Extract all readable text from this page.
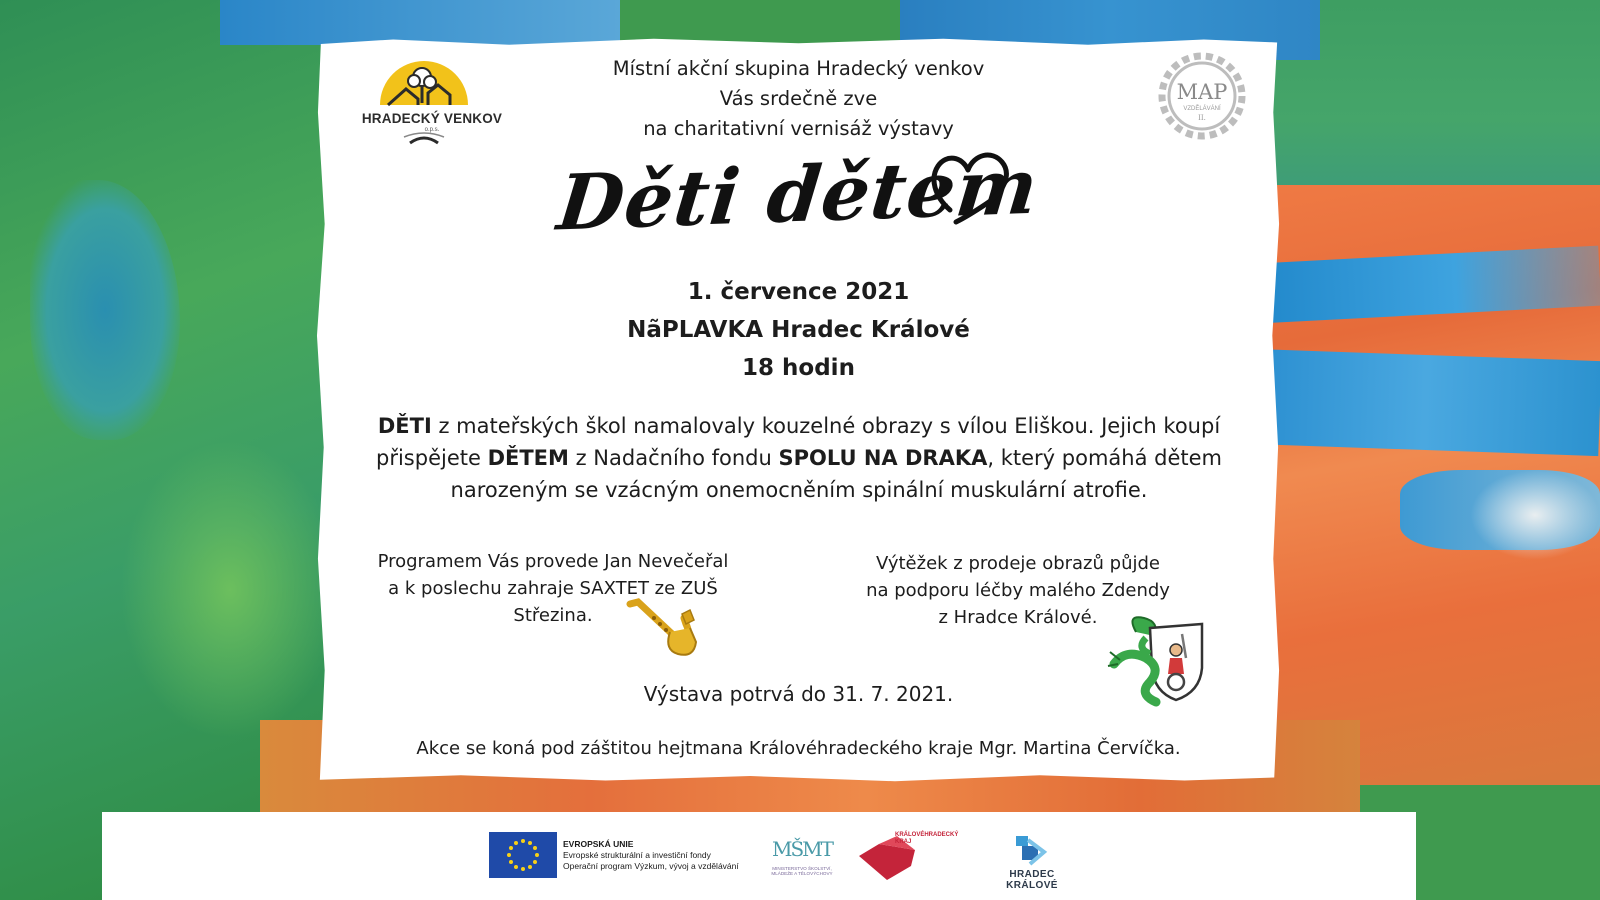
HRADECKÝ VENKOV
o.p.s.
MAP
VZDĚLÁVÁNÍ
II.
Místní akční skupina Hradecký venkov
Vás srdečně zve
na charitativní vernisáž výstavy
Děti dětem
1. července 2021
NãPLAVKA Hradec Králové
18 hodin
DĚTI z mateřských škol namalovaly kouzelné obrazy s vílou Eliškou. Jejich koupí přispějete DĚTEM z Nadačního fondu SPOLU NA DRAKA, který pomáhá dětem narozeným se vzácným onemocněním spinální muskulární atrofie.
Programem Vás provede Jan Nevečeřal
a k poslechu zahraje SAXTET ze ZUŠ
Střezina.
Výtěžek z prodeje obrazů půjde
na podporu léčby malého Zdendy
z Hradce Králové.
Výstava potrvá do 31. 7. 2021.
Akce se koná pod záštitou hejtmana Královéhradeckého kraje Mgr. Martina Červíčka.
EVROPSKÁ UNIE
Evropské strukturální a investiční fondy
Operační program Výzkum, vývoj a vzdělávání
MŠMT
MINISTERSTVO ŠKOLSTVÍ,
MLÁDEŽE A TĚLOVÝCHOVY
KRÁLOVÉHRADECKÝ
KRAJ
HRADEC KRÁLOVÉ
